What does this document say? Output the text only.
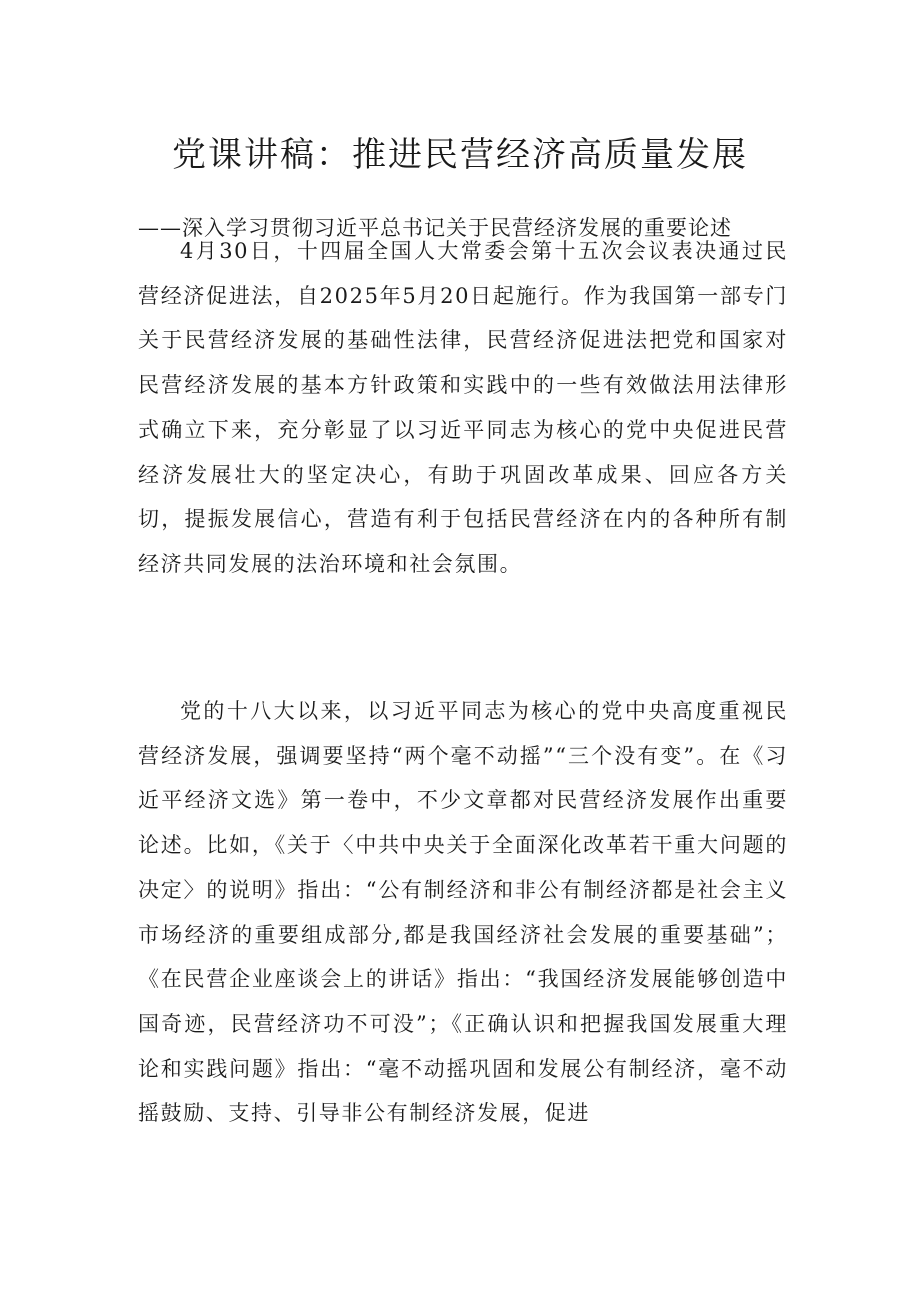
党课讲稿：推进民营经济高质量发展

——深入学习贯彻习近平总书记关于民营经济发展的重要论述

4月30日，十四届全国人大常委会第十五次会议表决通过民营经济促进法，自2025年5月20日起施行。作为我国第一部专门关于民营经济发展的基础性法律，民营经济促进法把党和国家对民营经济发展的基本方针政策和实践中的一些有效做法用法律形式确立下来，充分彰显了以习近平同志为核心的党中央促进民营经济发展壮大的坚定决心，有助于巩固改革成果、回应各方关切，提振发展信心，营造有利于包括民营经济在内的各种所有制经济共同发展的法治环境和社会氛围。

党的十八大以来，以习近平同志为核心的党中央高度重视民营经济发展，强调要坚持“两个毫不动摇”“三个没有变”。在《习近平经济文选》第一卷中，不少文章都对民营经济发展作出重要论述。比如，《关于〈中共中央关于全面深化改革若干重大问题的决定〉的说明》指出：“公有制经济和非公有制经济都是社会主义市场经济的重要组成部分,都是我国经济社会发展的重要基础”；《在民营企业座谈会上的讲话》指出：“我国经济发展能够创造中国奇迹，民营经济功不可没”；《正确认识和把握我国发展重大理论和实践问题》指出：“毫不动摇巩固和发展公有制经济，毫不动摇鼓励、支持、引导非公有制经济发展，促进
